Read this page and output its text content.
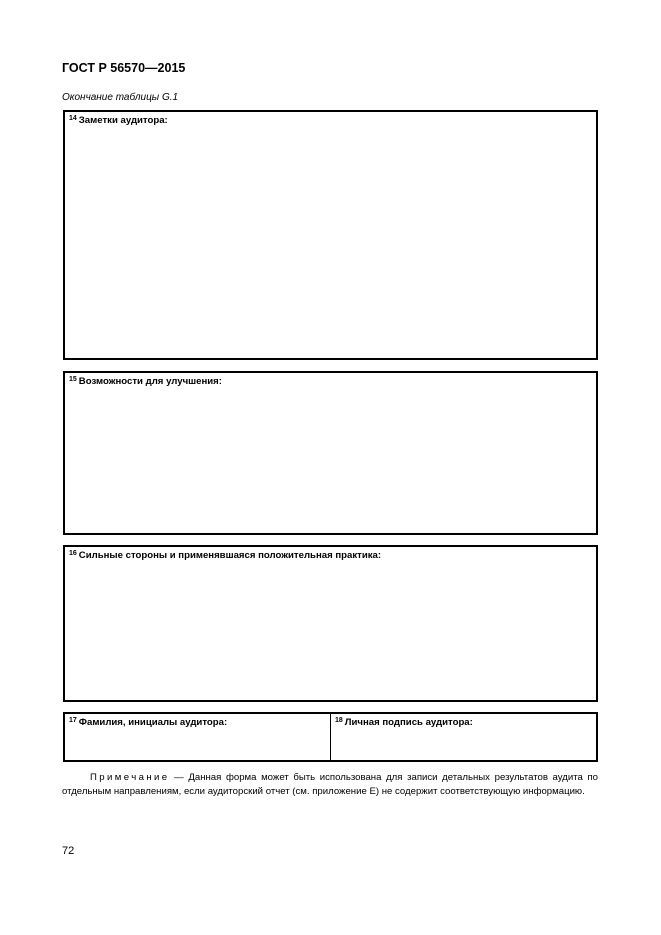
ГОСТ Р 56570—2015
Окончание таблицы G.1
$^{14}$ Заметки аудитора:
$^{15}$ Возможности для улучшения:
$^{16}$ Сильные стороны и применявшаяся положительная практика:
$^{17}$ Фамилия, инициалы аудитора:	$^{18}$ Личная подпись аудитора:
Примечание — Данная форма может быть использована для записи детальных результатов аудита по отдельным направлениям, если аудиторский отчет (см. приложение Е) не содержит соответствующую информацию.
72
